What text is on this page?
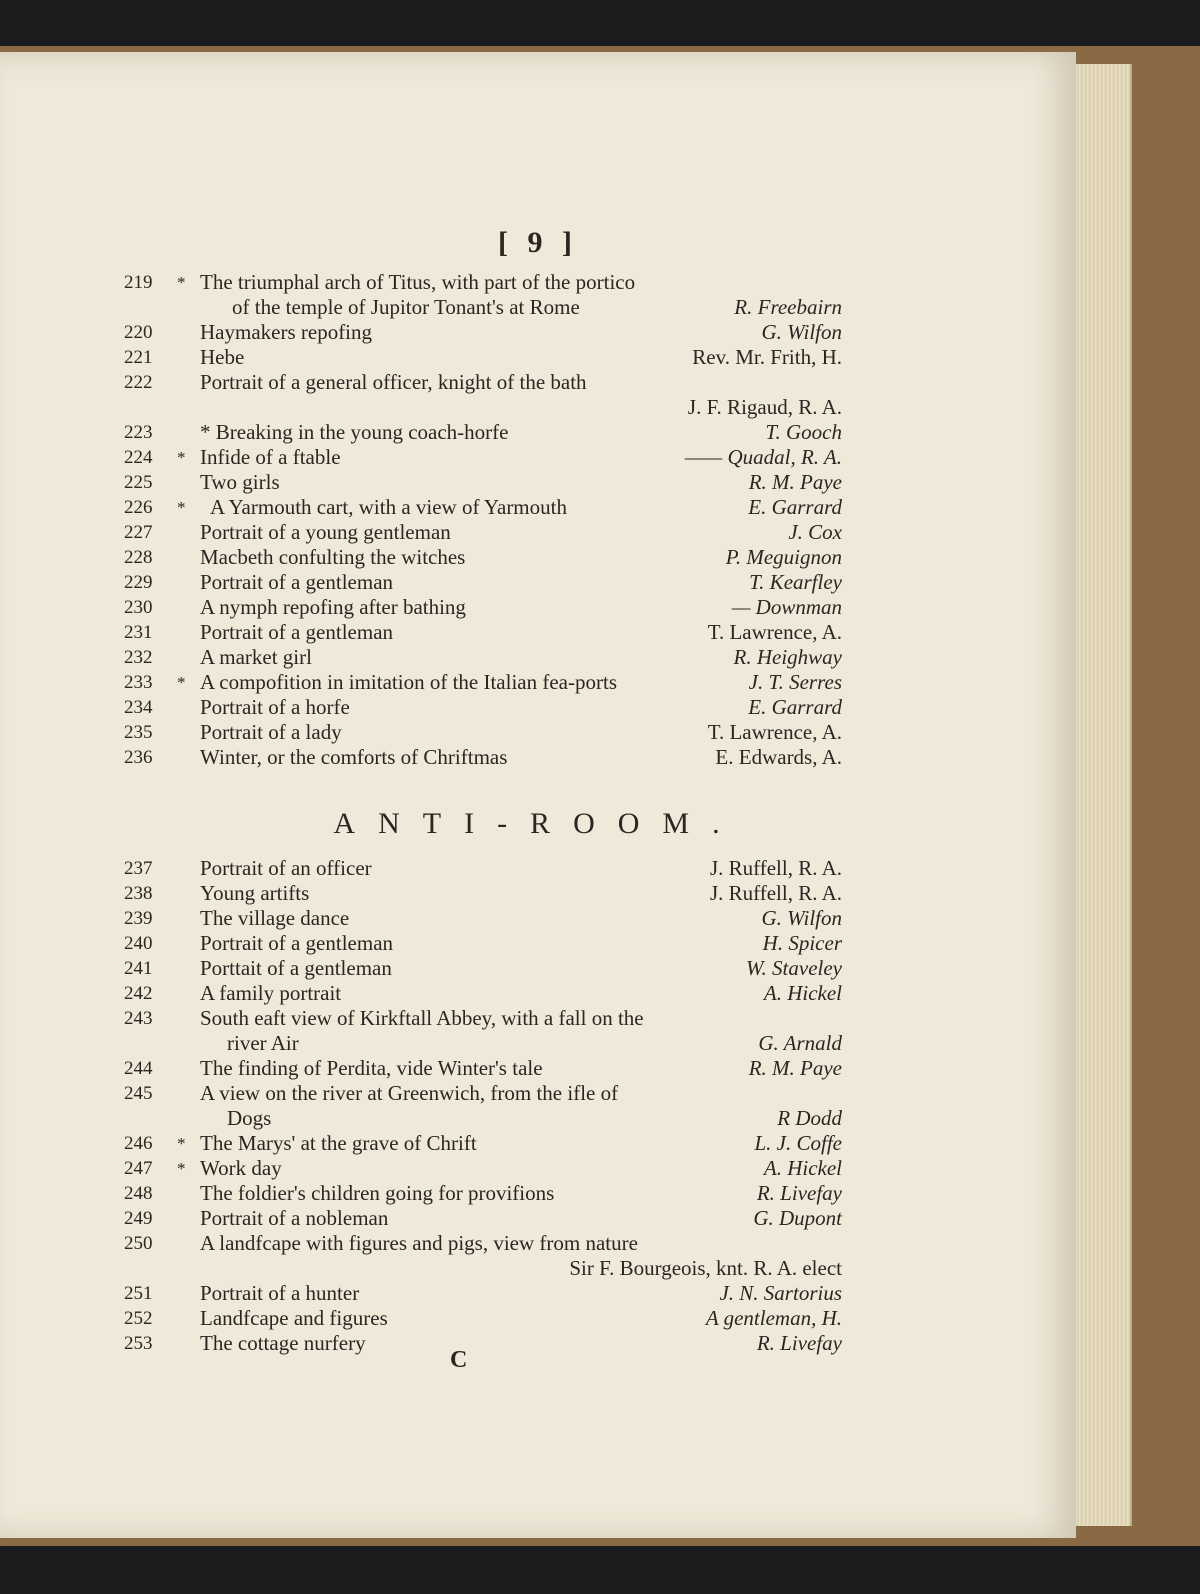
[ 9 ]
219	* The triumphal arch of Titus, with part of the portico
of the temple of Jupitor Tonant's at Rome	R. Freebairn
220	Haymakers repofing	G. Wilfon
221	Hebe	Rev. Mr. Frith, H.
222	Portrait of a general officer, knight of the bath
J. F. Rigaud, R. A.
223	* Breaking in the young coach-horfe	T. Gooch
224	* Infide of a ftable	—— Quadal, R. A.
225	Two girls	R. M. Paye
226	* A Yarmouth cart, with a view of Yarmouth	E. Garrard
227	Portrait of a young gentleman	J. Cox
228	Macbeth confulting the witches	P. Meguignon
229	Portrait of a gentleman	T. Kearfley
230	A nymph repofing after bathing	— Downman
231	Portrait of a gentleman	T. Lawrence, A.
232	A market girl	R. Heighway
233	* A compofition in imitation of the Italian fea-ports	J. T. Serres
234	Portrait of a horfe	E. Garrard
235	Portrait of a lady	T. Lawrence, A.
236	Winter, or the comforts of Chriftmas	E. Edwards, A.
ANTI-ROOM.
237	Portrait of an officer	J. Ruffell, R. A.
238	Young artifts	J. Ruffell, R. A.
239	The village dance	G. Wilfon
240	Portrait of a gentleman	H. Spicer
241	Porttait of a gentleman	W. Staveley
242	A family portrait	A. Hickel
243	South eaft view of Kirkftall Abbey, with a fall on the
river Air	G. Arnald
244	The finding of Perdita, vide Winter's tale	R. M. Paye
245	A view on the river at Greenwich, from the ifle of
Dogs	R Dodd
246	* The Marys' at the grave of Chrift	L. J. Coffe
247	* Work day	A. Hickel
248	The foldier's children going for provifions	R. Livefay
249	Portrait of a nobleman	G. Dupont
250	A landfcape with figures and pigs, view from nature
Sir F. Bourgeois, knt. R. A. elect
251	Portrait of a hunter	J. N. Sartorius
252	Landfcape and figures	A gentleman, H.
253	The cottage nurfery	R. Livefay
C
